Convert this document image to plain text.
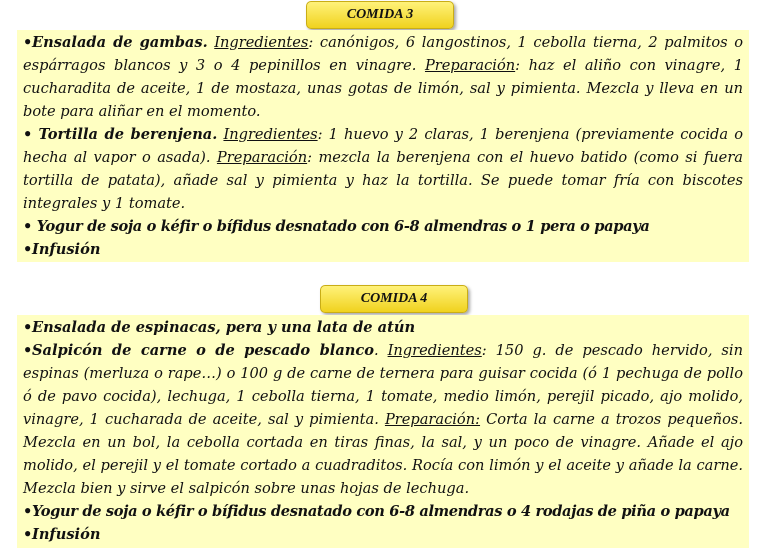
COMIDA 3

•Ensalada de gambas. Ingredientes: canónigos, 6 langostinos, 1 cebolla tierna, 2 palmitos o espárragos blancos y 3 o 4 pepinillos en vinagre. Preparación: haz el aliño con vinagre, 1 cucharadita de aceite, 1 de mostaza, unas gotas de limón, sal y pimienta. Mezcla y lleva en un bote para aliñar en el momento.

• Tortilla de berenjena. Ingredientes: 1 huevo y 2 claras, 1 berenjena (previamente cocida o hecha al vapor o asada). Preparación: mezcla la berenjena con el huevo batido (como si fuera tortilla de patata), añade sal y pimienta y haz la tortilla. Se puede tomar fría con biscotes integrales y 1 tomate.

• Yogur de soja o kéfir o bífidus desnatado con 6-8 almendras o 1 pera o papaya

•Infusión

COMIDA 4

•Ensalada de espinacas, pera y una lata de atún

•Salpicón de carne o de pescado blanco. Ingredientes: 150 g. de pescado hervido, sin espinas (merluza o rape…) o 100 g de carne de ternera para guisar cocida (ó 1 pechuga de pollo ó de pavo cocida), lechuga, 1 cebolla tierna, 1 tomate, medio limón, perejil picado, ajo molido, vinagre, 1 cucharada de aceite, sal y pimienta. Preparación: Corta la carne a trozos pequeños. Mezcla en un bol, la cebolla cortada en tiras finas, la sal, y un poco de vinagre. Añade el ajo molido, el perejil y el tomate cortado a cuadraditos. Rocía con limón y el aceite y añade la carne. Mezcla bien y sirve el salpicón sobre unas hojas de lechuga.

•Yogur de soja o kéfir o bífidus desnatado con 6-8 almendras o 4 rodajas de piña o papaya

•Infusión
